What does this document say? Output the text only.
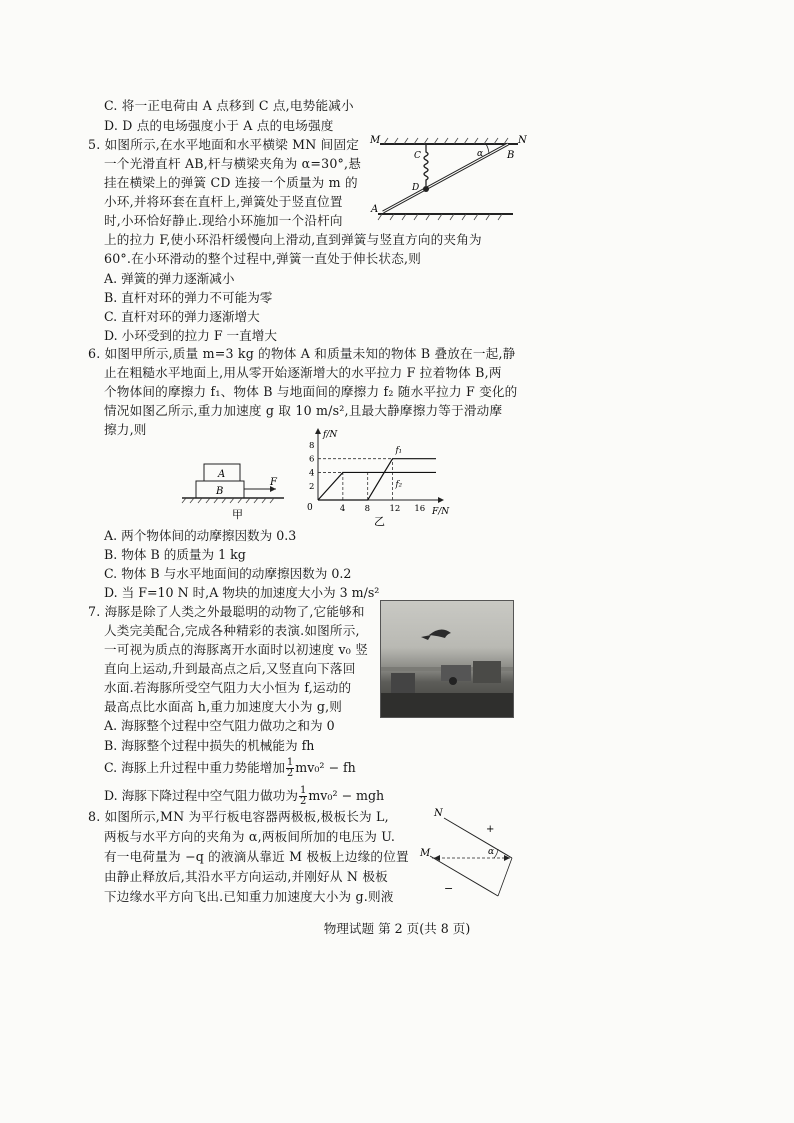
C. 将一正电荷由 A 点移到 C 点,电势能减小
D. D 点的电场强度小于 A 点的电场强度
5. 如图所示,在水平地面和水平横梁 MN 间固定
一个光滑直杆 AB,杆与横梁夹角为 α=30°,悬
挂在横梁上的弹簧 CD 连接一个质量为 m 的
小环,并将环套在直杆上,弹簧处于竖直位置
时,小环恰好静止.现给小环施加一个沿杆向
上的拉力 F,使小环沿杆缓慢向上滑动,直到弹簧与竖直方向的夹角为
60°.在小环滑动的整个过程中,弹簧一直处于伸长状态,则
A. 弹簧的弹力逐渐减小
B. 直杆对环的弹力不可能为零
C. 直杆对环的弹力逐渐增大
D. 小环受到的拉力 F 一直增大
M	N
A
B
C
D
α
6. 如图甲所示,质量 m=3 kg 的物体 A 和质量未知的物体 B 叠放在一起,静
止在粗糙水平地面上,用从零开始逐渐增大的水平拉力 F 拉着物体 B,两
个物体间的摩擦力 f₁、物体 B 与地面间的摩擦力 f₂ 随水平拉力 F 变化的
情况如图乙所示,重力加速度 g 取 10 m/s²,且最大静摩擦力等于滑动摩
擦力,则
A
B
F
甲
f/N
F/N
0	4 8 12 16
2
4
6
8	f₁
f₂
乙
A. 两个物体间的动摩擦因数为 0.3
B. 物体 B 的质量为 1 kg
C. 物体 B 与水平地面间的动摩擦因数为 0.2
D. 当 F=10 N 时,A 物块的加速度大小为 3 m/s²
7. 海豚是除了人类之外最聪明的动物了,它能够和
人类完美配合,完成各种精彩的表演.如图所示,
一可视为质点的海豚离开水面时以初速度 v₀ 竖
直向上运动,升到最高点之后,又竖直向下落回
水面.若海豚所受空气阻力大小恒为 f,运动的
最高点比水面高 h,重力加速度大小为 g,则
A. 海豚整个过程中空气阻力做功之和为 0
B. 海豚整个过程中损失的机械能为 fh
C. 海豚上升过程中重力势能增加 $\frac{1}{2} mv_0^2$ − fh
D. 海豚下降过程中空气阻力做功为 $\frac{1}{2} mv_0^2$ − mgh
8. 如图所示,MN 为平行板电容器两极板,极板长为 L,
两板与水平方向的夹角为 α,两板间所加的电压为 U.
有一电荷量为 −q 的液滴从靠近 M 极板上边缘的位置
由静止释放后,其沿水平方向运动,并刚好从 N 极板
下边缘水平方向飞出.已知重力加速度大小为 g.则液
N
M	α
+
−
物理试题 第 2 页(共 8 页)
